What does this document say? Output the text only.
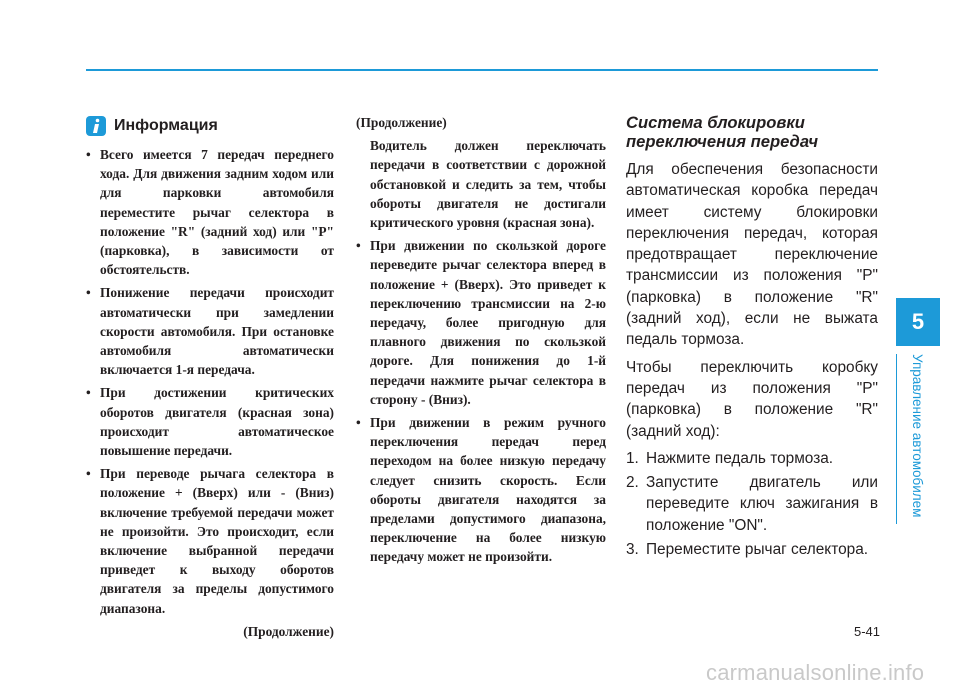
Информация
• Всего имеется 7 передач переднего хода. Для движения задним ходом или для парковки автомобиля переместите рычаг селектора в положение "R" (задний ход) или "P" (парковка), в зависимости от обстоятельств.
• Понижение передачи происходит автоматически при замедлении скорости автомобиля. При остановке автомобиля автоматически включается 1-я передача.
• При достижении критических оборотов двигателя (красная зона) происходит автоматическое повышение передачи.
• При переводе рычага селектора в положение + (Вверх) или - (Вниз) включение требуемой передачи может не произойти. Это происходит, если включение выбранной передачи приведет к выходу оборотов двигателя за пределы допустимого диапазона.
(Продолжение)
(Продолжение)
Водитель должен переключать передачи в соответствии с дорожной обстановкой и следить за тем, чтобы обороты двигателя не достигали критического уровня (красная зона).
• При движении по скользкой дороге переведите рычаг селектора вперед в положение + (Вверх). Это приведет к переключению трансмиссии на 2-ю передачу, более пригодную для плавного движения по скользкой дороге. Для понижения до 1-й передачи нажмите рычаг селектора в сторону - (Вниз).
• При движении в режим ручного переключения передач перед переходом на более низкую передачу следует снизить скорость. Если обороты двигателя находятся за пределами допустимого диапазона, переключение на более низкую передачу может не произойти.
Система блокировки переключения передач
Для обеспечения безопасности автоматическая коробка передач имеет систему блокировки переключения передач, которая предотвращает переключение трансмиссии из положения "P" (парковка) в положение "R" (задний ход), если не выжата педаль тормоза.
Чтобы переключить коробку передач из положения "P" (парковка) в положение "R" (задний ход):
1. Нажмите педаль тормоза.
2. Запустите двигатель или переведите ключ зажигания в положение "ON".
3. Переместите рычаг селектора.
5
Управление автомобилем
5-41
carmanualsonline.info
